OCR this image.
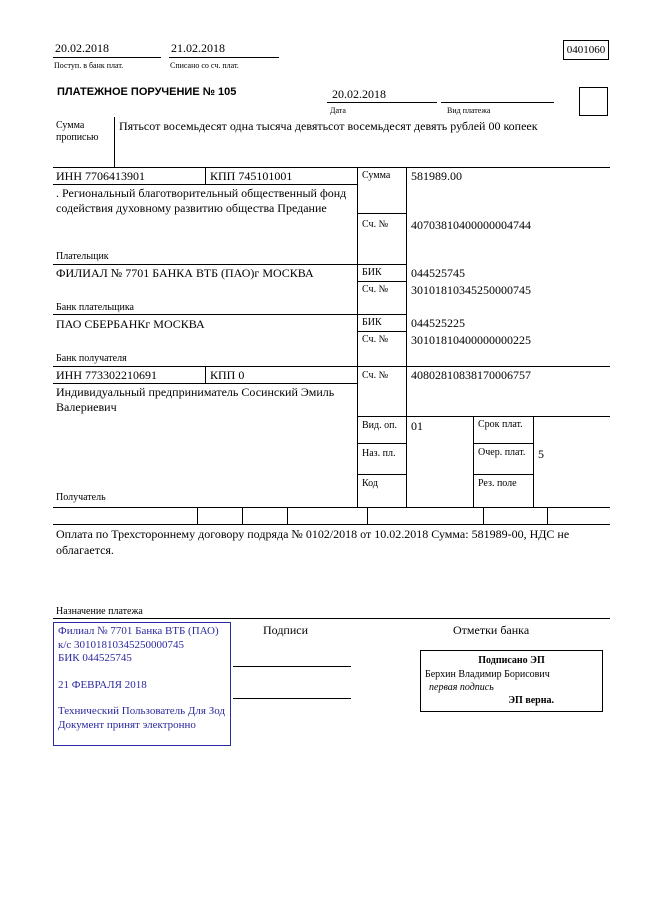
20.02.2018
Поступ. в банк плат.
21.02.2018
Списано со сч. плат.
0401060
ПЛАТЕЖНОЕ ПОРУЧЕНИЕ № 105	20.02.2018
Дата	Вид платежа
Сумма прописью
Пятьсот восемьдесят одна тысяча девятьсот восемьдесят девять рублей 00 копеек
ИНН 7706413901	КПП 745101001
. Региональный благотворительный общественный фонд содействия духовному развитию общества Предание
Плательщик
Сумма 581989.00
Сч. № 40703810400000004744
ФИЛИАЛ № 7701 БАНКА ВТБ (ПАО)г МОСКВА
Банк плательщика
БИК 044525745
Сч. № 30101810345250000745
ПАО СБЕРБАНКг МОСКВА
Банк получателя
БИК 044525225
Сч. № 30101810400000000225
ИНН 773302210691	КПП 0	Сч. № 40802810838170006757
Индивидуальный предприниматель Сосинский Эмиль Валериевич
Получатель
Вид. оп. 01	Срок плат.
Наз. пл.	Очер. плат. 5
Код	Рез. поле
Оплата по Трехстороннему договору подряда № 0102/2018 от 10.02.2018 Сумма: 581989-00, НДС не облагается.
Назначение платежа
Подписи	Отметки банка
Филиал № 7701 Банка ВТБ (ПАО)
к/с 30101810345250000745
БИК 044525745
21 ФЕВРАЛЯ 2018
Технический Пользователь Для Зод
Документ принят электронно
Подписано ЭП
Берхин Владимир Борисович
первая подпись
ЭП верна.
